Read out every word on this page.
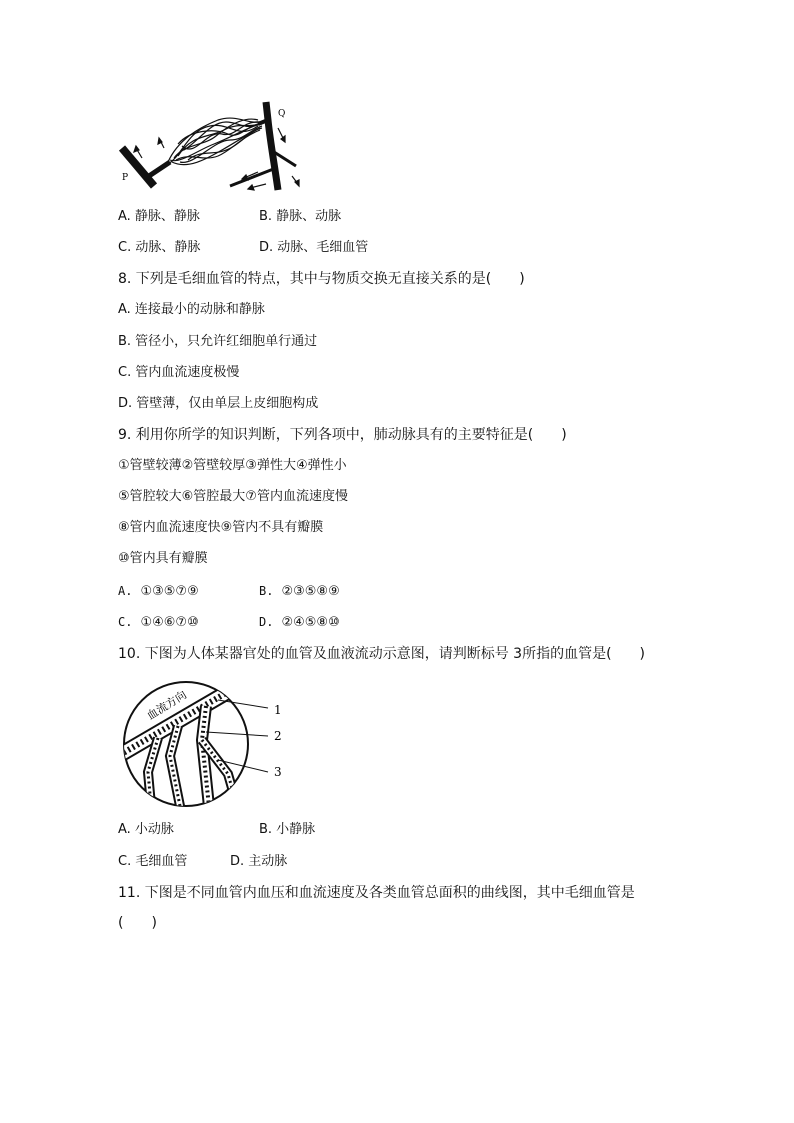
P
Q
A. 静脉、静脉	B. 静脉、动脉
C. 动脉、静脉	D. 动脉、毛细血管
8. 下列是毛细血管的特点，其中与物质交换无直接关系的是(　　)
A. 连接最小的动脉和静脉
B. 管径小，只允许红细胞单行通过
C. 管内血流速度极慢
D. 管壁薄，仅由单层上皮细胞构成
9. 利用你所学的知识判断，下列各项中，肺动脉具有的主要特征是(　　)
①管壁较薄②管壁较厚③弹性大④弹性小
⑤管腔较大⑥管腔最大⑦管内血流速度慢
⑧管内血流速度快⑨管内不具有瓣膜
⑩管内具有瓣膜
A. ①③⑤⑦⑨	B. ②③⑤⑧⑨
C. ①④⑥⑦⑩	D. ②④⑤⑧⑩
10. 下图为人体某器官处的血管及血液流动示意图，请判断标号 3所指的血管是(　　)
血流方向	1
2
3
A. 小动脉	B. 小静脉
C. 毛细血管	D. 主动脉
11. 下图是不同血管内血压和血流速度及各类血管总面积的曲线图，其中毛细血管是
(　　)
